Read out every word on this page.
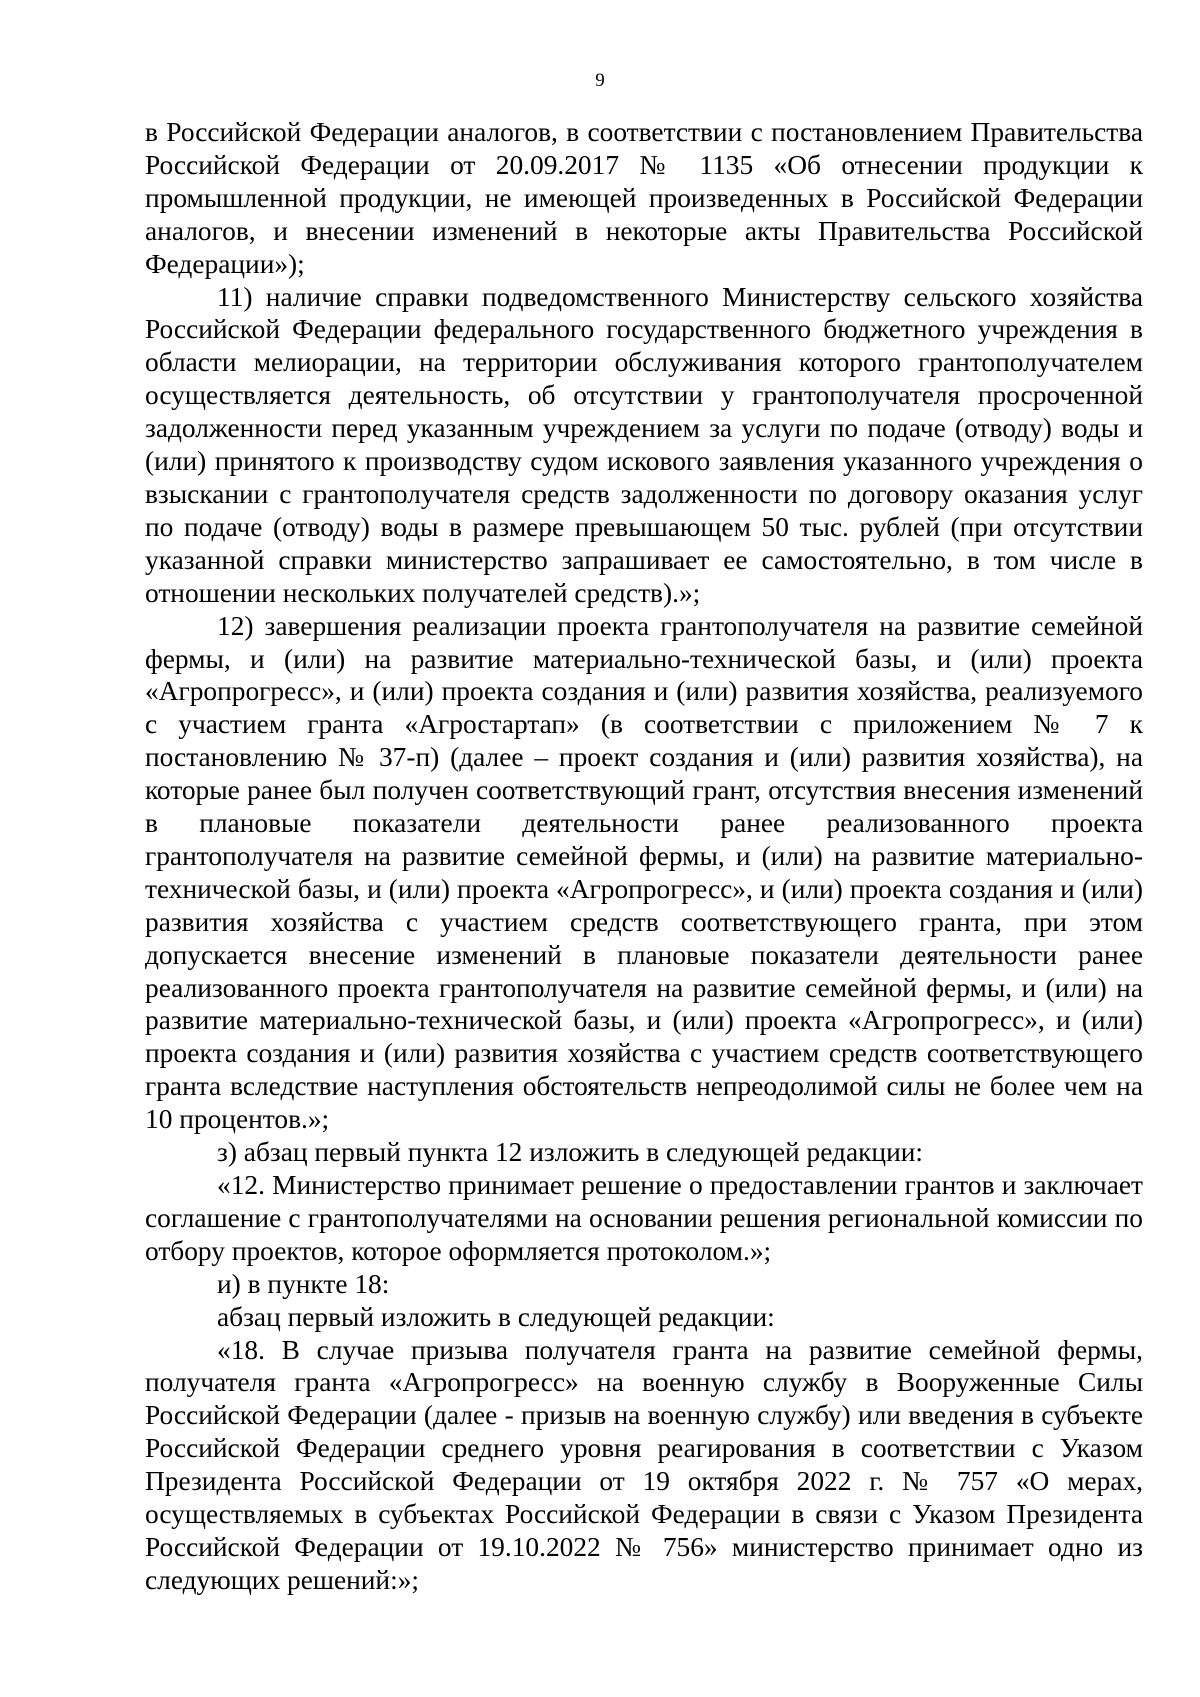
9

в Российской Федерации аналогов, в соответствии с постановлением Правительства Российской Федерации от 20.09.2017 № 1135 «Об отнесении продукции к промышленной продукции, не имеющей произведенных в Российской Федерации аналогов, и внесении изменений в некоторые акты Правительства Российской Федерации»);

11) наличие справки подведомственного Министерству сельского хозяйства Российской Федерации федерального государственного бюджетного учреждения в области мелиорации, на территории обслуживания которого грантополучателем осуществляется деятельность, об отсутствии у грантополучателя просроченной задолженности перед указанным учреждением за услуги по подаче (отводу) воды и (или) принятого к производству судом искового заявления указанного учреждения о взыскании с грантополучателя средств задолженности по договору оказания услуг по подаче (отводу) воды в размере превышающем 50 тыс. рублей (при отсутствии указанной справки министерство запрашивает ее самостоятельно, в том числе в отношении нескольких получателей средств).»;

12) завершения реализации проекта грантополучателя на развитие семейной фермы, и (или) на развитие материально-технической базы, и (или) проекта «Агропрогресс», и (или) проекта создания и (или) развития хозяйства, реализуемого с участием гранта «Агростартап» (в соответствии с приложением № 7 к постановлению № 37-п) (далее – проект создания и (или) развития хозяйства), на которые ранее был получен соответствующий грант, отсутствия внесения изменений в плановые показатели деятельности ранее реализованного проекта грантополучателя на развитие семейной фермы, и (или) на развитие материально-технической базы, и (или) проекта «Агропрогресс», и (или) проекта создания и (или) развития хозяйства с участием средств соответствующего гранта, при этом допускается внесение изменений в плановые показатели деятельности ранее реализованного проекта грантополучателя на развитие семейной фермы, и (или) на развитие материально-технической базы, и (или) проекта «Агропрогресс», и (или) проекта создания и (или) развития хозяйства с участием средств соответствующего гранта вследствие наступления обстоятельств непреодолимой силы не более чем на 10 процентов.»;

з) абзац первый пункта 12 изложить в следующей редакции:

«12. Министерство принимает решение о предоставлении грантов и заключает соглашение с грантополучателями на основании решения региональной комиссии по отбору проектов, которое оформляется протоколом.»;

и) в пункте 18:

абзац первый изложить в следующей редакции:

«18. В случае призыва получателя гранта на развитие семейной фермы, получателя гранта «Агропрогресс» на военную службу в Вооруженные Силы Российской Федерации (далее - призыв на военную службу) или введения в субъекте Российской Федерации среднего уровня реагирования в соответствии с Указом Президента Российской Федерации от 19 октября 2022 г. № 757 «О мерах, осуществляемых в субъектах Российской Федерации в связи с Указом Президента Российской Федерации от 19.10.2022 № 756» министерство принимает одно из следующих решений:»;
